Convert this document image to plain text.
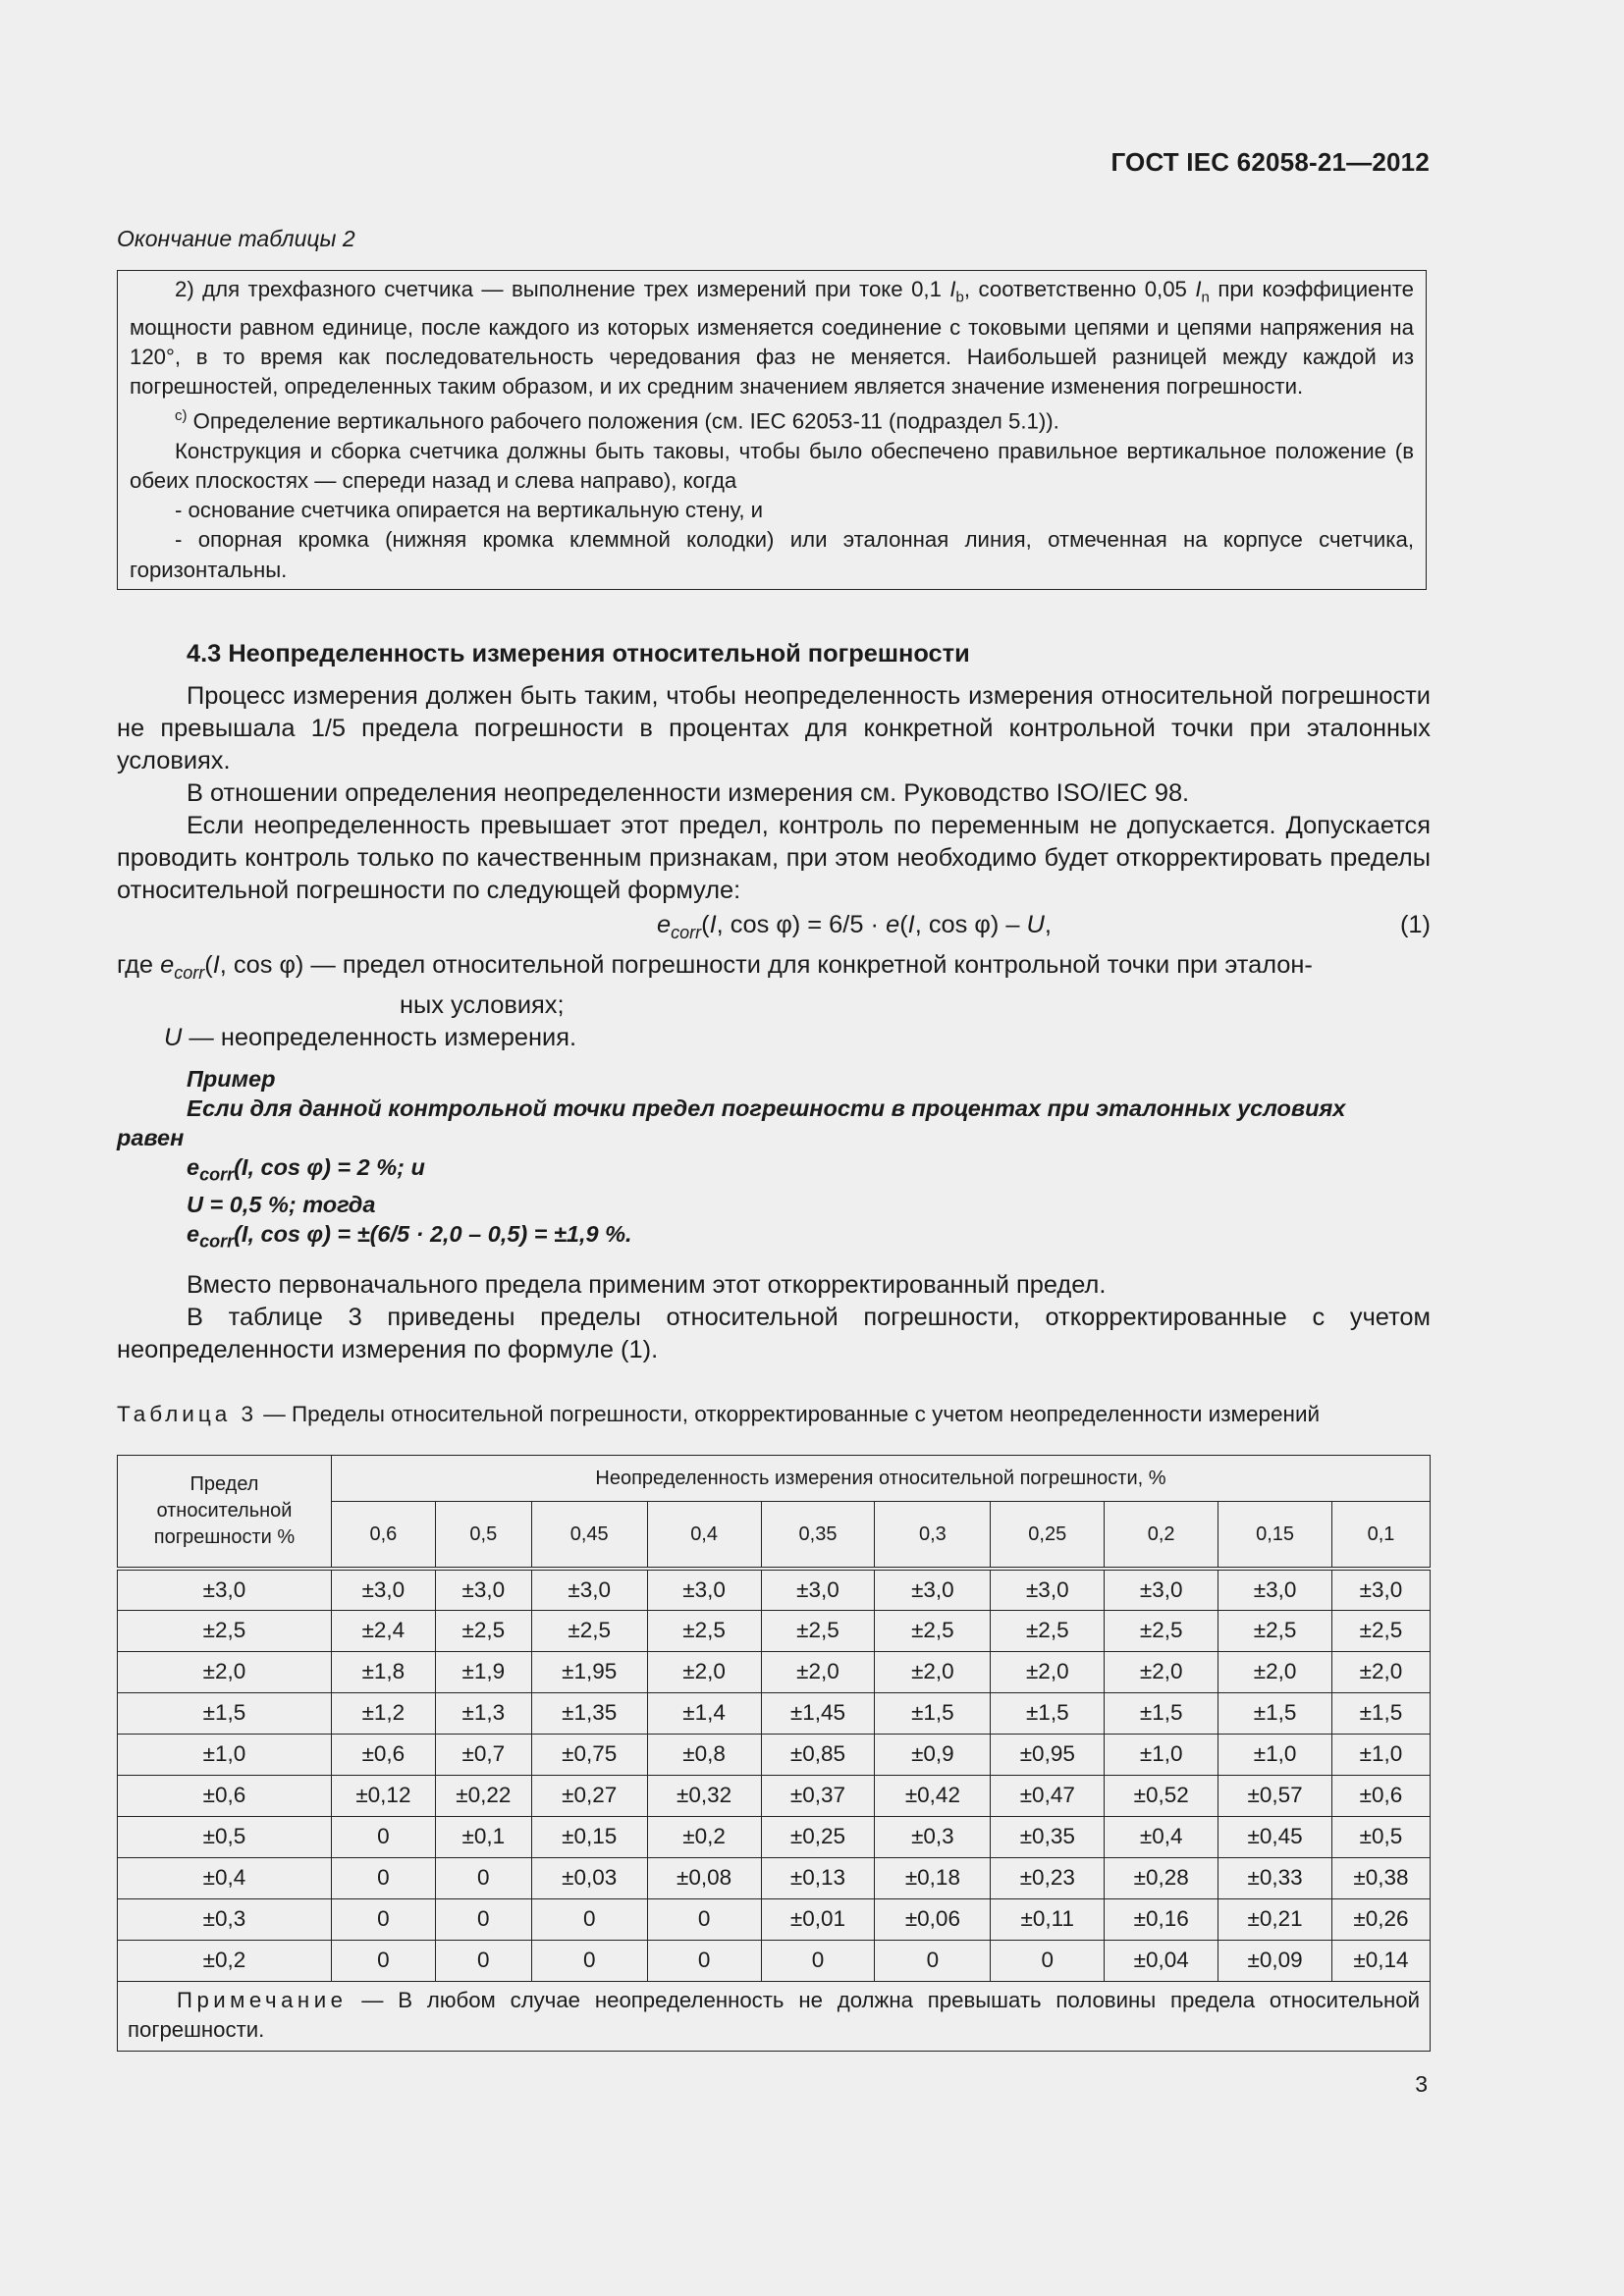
ГОСТ IEC 62058-21—2012
Окончание таблицы 2

2) для трехфазного счетчика — выполнение трех измерений при токе 0,1 $I_b$, соответственно 0,05 $I_n$ при коэффициенте мощности равном единице, после каждого из которых изменяется соединение с токовыми цепями и цепями напряжения на 120°, в то время как последовательность чередования фаз не меняется. Наибольшей разницей между каждой из погрешностей, определенных таким образом, и их средним значением является значение изменения погрешности.

$^{c)}$ Определение вертикального рабочего положения (см. IEC 62053-11 (подраздел 5.1)).

Конструкция и сборка счетчика должны быть таковы, чтобы было обеспечено правильное вертикальное положение (в обеих плоскостях — спереди назад и слева направо), когда

- основание счетчика опирается на вертикальную стену, и

- опорная кромка (нижняя кромка клеммной колодки) или эталонная линия, отмеченная на корпусе счетчика, горизонтальны.

4.3 Неопределенность измерения относительной погрешности

Процесс измерения должен быть таким, чтобы неопределенность измерения относительной погрешности не превышала 1/5 предела погрешности в процентах для конкретной контрольной точки при эталонных условиях.

В отношении определения неопределенности измерения см. Руководство ISO/IEC 98.

Если неопределенность превышает этот предел, контроль по переменным не допускается. Допускается проводить контроль только по качественным признакам, при этом необходимо будет откорректировать пределы относительной погрешности по следующей формуле:

$e_{corr}(I$, cos φ) = 6/5 · e(I, cos φ) – U,	(1)

где $e_{corr}(I$, cos φ) — предел относительной погрешности для конкретной контрольной точки при эталон-

ных условиях;

U — неопределенность измерения.

Пример

Если для данной контрольной точки предел погрешности в процентах при эталонных условиях

равен

$e_{corr}(I$, cos φ) = 2 %; и

U = 0,5 %; тогда

$e_{corr}(I$, cos φ) = ±(6/5 · 2,0 – 0,5) = ±1,9 %.

Вместо первоначального предела применим этот откорректированный предел.

В таблице 3 приведены пределы относительной погрешности, откорректированные с учетом неопределенности измерения по формуле (1).

Таблица 3 — Пределы относительной погрешности, откорректированные с учетом неопределенности измерений
Предел относительной погрешности %	Неопределенность измерения относительной погрешности, %									
	0,6	0,5	0,45	0,4	0,35	0,3	0,25	0,2	0,15	0,1
±3,0	±3,0	±3,0	±3,0	±3,0	±3,0	±3,0	±3,0	±3,0	±3,0	±3,0
±2,5	±2,4	±2,5	±2,5	±2,5	±2,5	±2,5	±2,5	±2,5	±2,5	±2,5
±2,0	±1,8	±1,9	±1,95	±2,0	±2,0	±2,0	±2,0	±2,0	±2,0	±2,0
±1,5	±1,2	±1,3	±1,35	±1,4	±1,45	±1,5	±1,5	±1,5	±1,5	±1,5
±1,0	±0,6	±0,7	±0,75	±0,8	±0,85	±0,9	±0,95	±1,0	±1,0	±1,0
±0,6	±0,12	±0,22	±0,27	±0,32	±0,37	±0,42	±0,47	±0,52	±0,57	±0,6
±0,5	0	±0,1	±0,15	±0,2	±0,25	±0,3	±0,35	±0,4	±0,45	±0,5
±0,4	0	0	±0,03	±0,08	±0,13	±0,18	±0,23	±0,28	±0,33	±0,38
±0,3	0	0	0	0	±0,01	±0,06	±0,11	±0,16	±0,21	±0,26
±0,2	0	0	0	0	0	0	0	±0,04	±0,09	±0,14
Примечание — В любом случае неопределенность не должна превышать половины предела относительной погрешности.										
3
